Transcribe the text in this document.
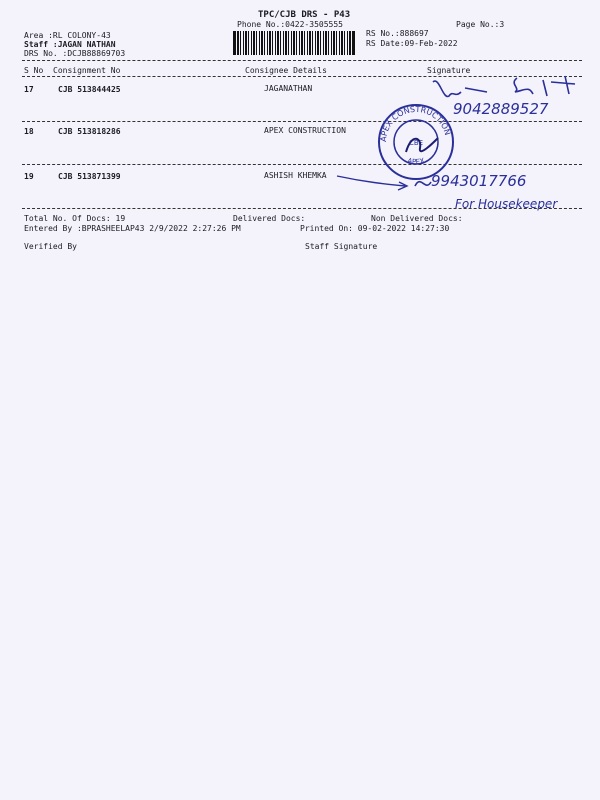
TPC/CJB DRS - P43
Phone No.:0422-3505555	Page No.:3
Area :RL COLONY-43
Staff :JAGAN NATHAN
DRS No. :DCJB88869703
RS No.:888697
RS Date:09-Feb-2022
S No Consignment No	Consignee Details	Signature
17	CJB 513844425	JAGANATHAN
18	CJB 513818286	APEX CONSTRUCTION
19	CJB 513871399	ASHISH KHEMKA
9042889527
APEX CONSTRUCTION
APEX
CBE
9943017766
For Housekeeper
Total No. Of Docs: 19	Delivered Docs:	Non Delivered Docs:
Entered By :BPRASHEELAP43 2/9/2022 2:27:26 PM	Printed On: 09-02-2022 14:27:30
Verified By	Staff Signature
